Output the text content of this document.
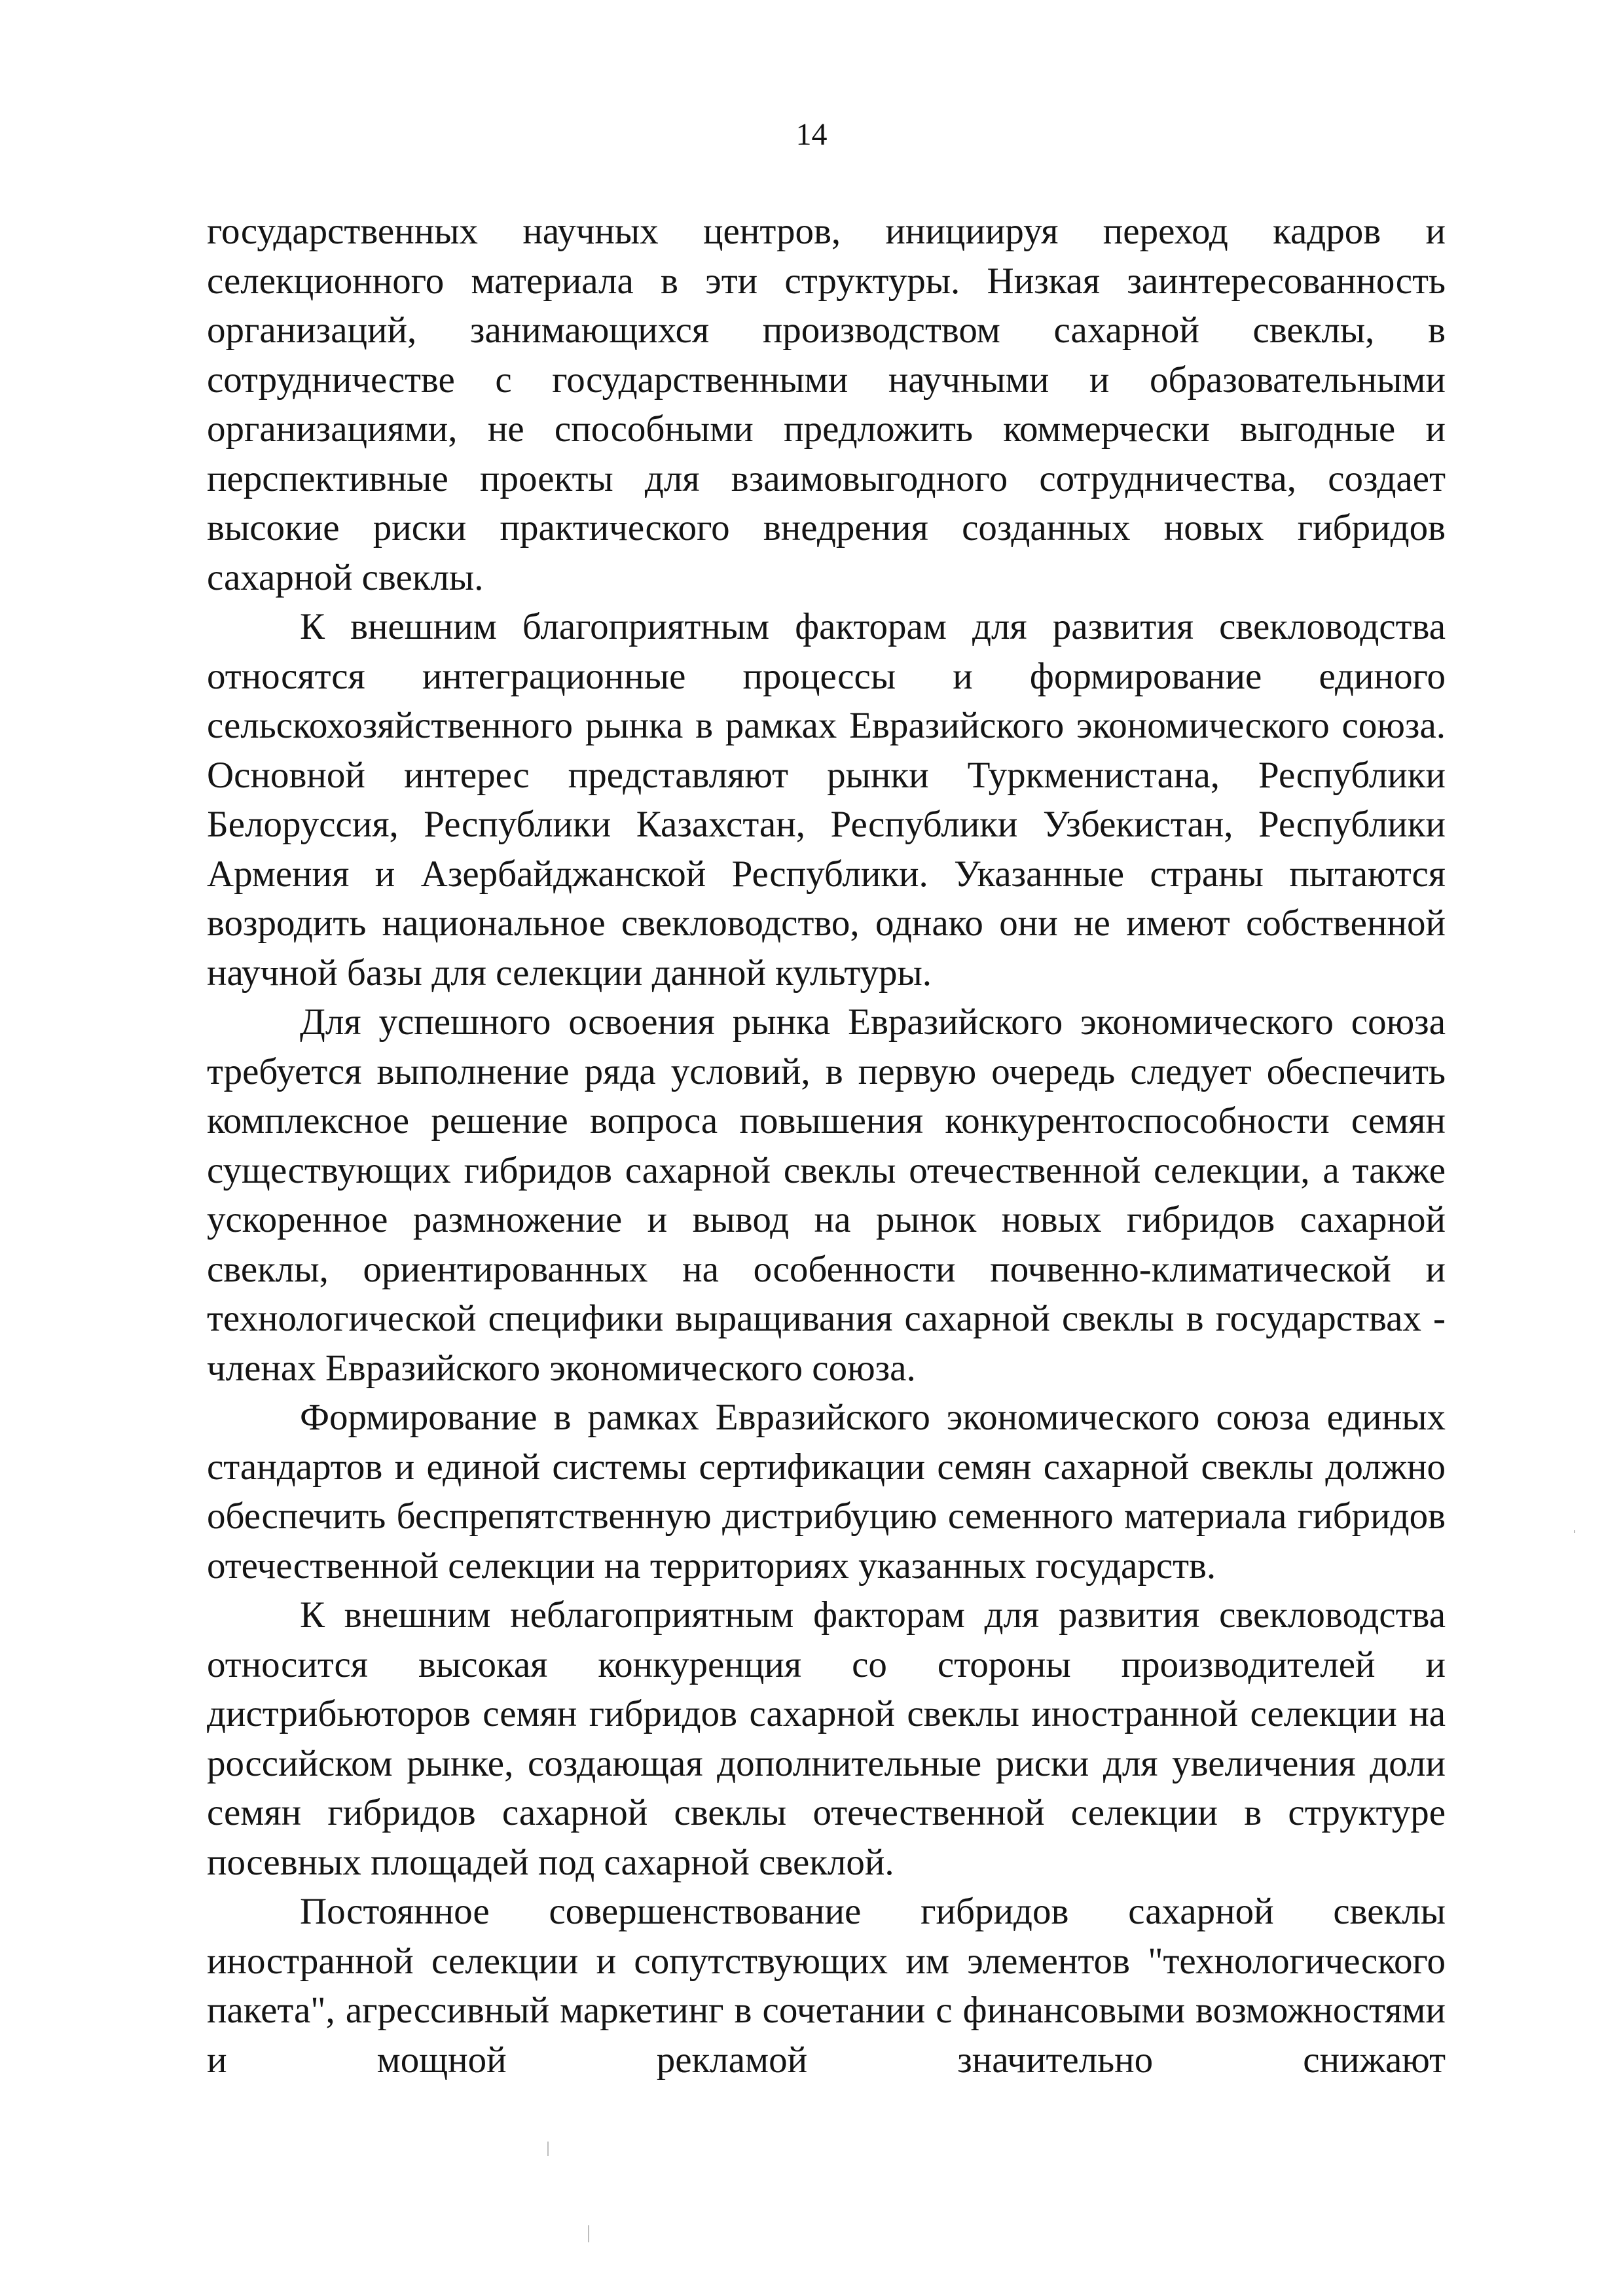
14

государственных научных центров, инициируя переход кадров и селекционного материала в эти структуры. Низкая заинтересованность организаций, занимающихся производством сахарной свеклы, в сотрудничестве с государственными научными и образовательными организациями, не способными предложить коммерчески выгодные и перспективные проекты для взаимовыгодного сотрудничества, создает высокие риски практического внедрения созданных новых гибридов сахарной свеклы.

К внешним благоприятным факторам для развития свекловодства относятся интеграционные процессы и формирование единого сельскохозяйственного рынка в рамках Евразийского экономического союза. Основной интерес представляют рынки Туркменистана, Республики Белоруссия, Республики Казахстан, Республики Узбекистан, Республики Армения и Азербайджанской Республики. Указанные страны пытаются возродить национальное свекловодство, однако они не имеют собственной научной базы для селекции данной культуры.

Для успешного освоения рынка Евразийского экономического союза требуется выполнение ряда условий, в первую очередь следует обеспечить комплексное решение вопроса повышения конкурентоспособности семян существующих гибридов сахарной свеклы отечественной селекции, а также ускоренное размножение и вывод на рынок новых гибридов сахарной свеклы, ориентированных на особенности почвенно-климатической и технологической специфики выращивания сахарной свеклы в государствах - членах Евразийского экономического союза.

Формирование в рамках Евразийского экономического союза единых стандартов и единой системы сертификации семян сахарной свеклы должно обеспечить беспрепятственную дистрибуцию семенного материала гибридов отечественной селекции на территориях указанных государств.

К внешним неблагоприятным факторам для развития свекловодства относится высокая конкуренция со стороны производителей и дистрибьюторов семян гибридов сахарной свеклы иностранной селекции на российском рынке, создающая дополнительные риски для увеличения доли семян гибридов сахарной свеклы отечественной селекции в структуре посевных площадей под сахарной свеклой.

Постоянное совершенствование гибридов сахарной свеклы иностранной селекции и сопутствующих им элементов "технологического пакета", агрессивный маркетинг в сочетании с финансовыми возможностями и мощной рекламой значительно снижают
